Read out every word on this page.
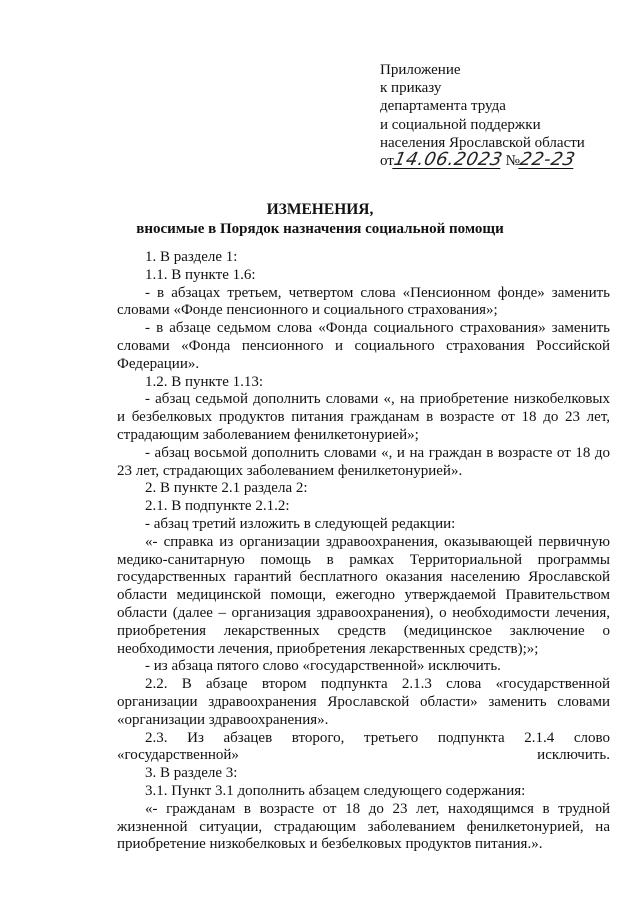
Приложение
к приказу
департамента труда
и социальной поддержки
населения Ярославской области
от14.06.2023 №22-23
ИЗМЕНЕНИЯ,
вносимые в Порядок назначения социальной помощи

1. В разделе 1:

1.1. В пункте 1.6:

- в абзацах третьем, четвертом слова «Пенсионном фонде» заменить словами «Фонде пенсионного и социального страхования»;

- в абзаце седьмом слова «Фонда социального страхования» заменить словами «Фонда пенсионного и социального страхования Российской Федерации».

1.2. В пункте 1.13:

- абзац седьмой дополнить словами «, на приобретение низкобелковых и безбелковых продуктов питания гражданам в возрасте от 18 до 23 лет, страдающим заболеванием фенилкетонурией»;

- абзац восьмой дополнить словами «, и на граждан в возрасте от 18 до 23 лет, страдающих заболеванием фенилкетонурией».

2. В пункте 2.1 раздела 2:

2.1. В подпункте 2.1.2:

- абзац третий изложить в следующей редакции:

«- справка из организации здравоохранения, оказывающей первичную медико-санитарную помощь в рамках Территориальной программы государственных гарантий бесплатного оказания населению Ярославской области медицинской помощи, ежегодно утверждаемой Правительством области (далее – организация здравоохранения), о необходимости лечения, приобретения лекарственных средств (медицинское заключение о необходимости лечения, приобретения лекарственных средств);»;

- из абзаца пятого слово «государственной» исключить.

2.2. В абзаце втором подпункта 2.1.3 слова «государственной организации здравоохранения Ярославской области» заменить словами «организации здравоохранения».

2.3. Из абзацев второго, третьего подпункта 2.1.4 слово «государственной» исключить.

3. В разделе 3:

3.1. Пункт 3.1 дополнить абзацем следующего содержания:

«- гражданам в возрасте от 18 до 23 лет, находящимся в трудной жизненной ситуации, страдающим заболеванием фенилкетонурией, на приобретение низкобелковых и безбелковых продуктов питания.».
